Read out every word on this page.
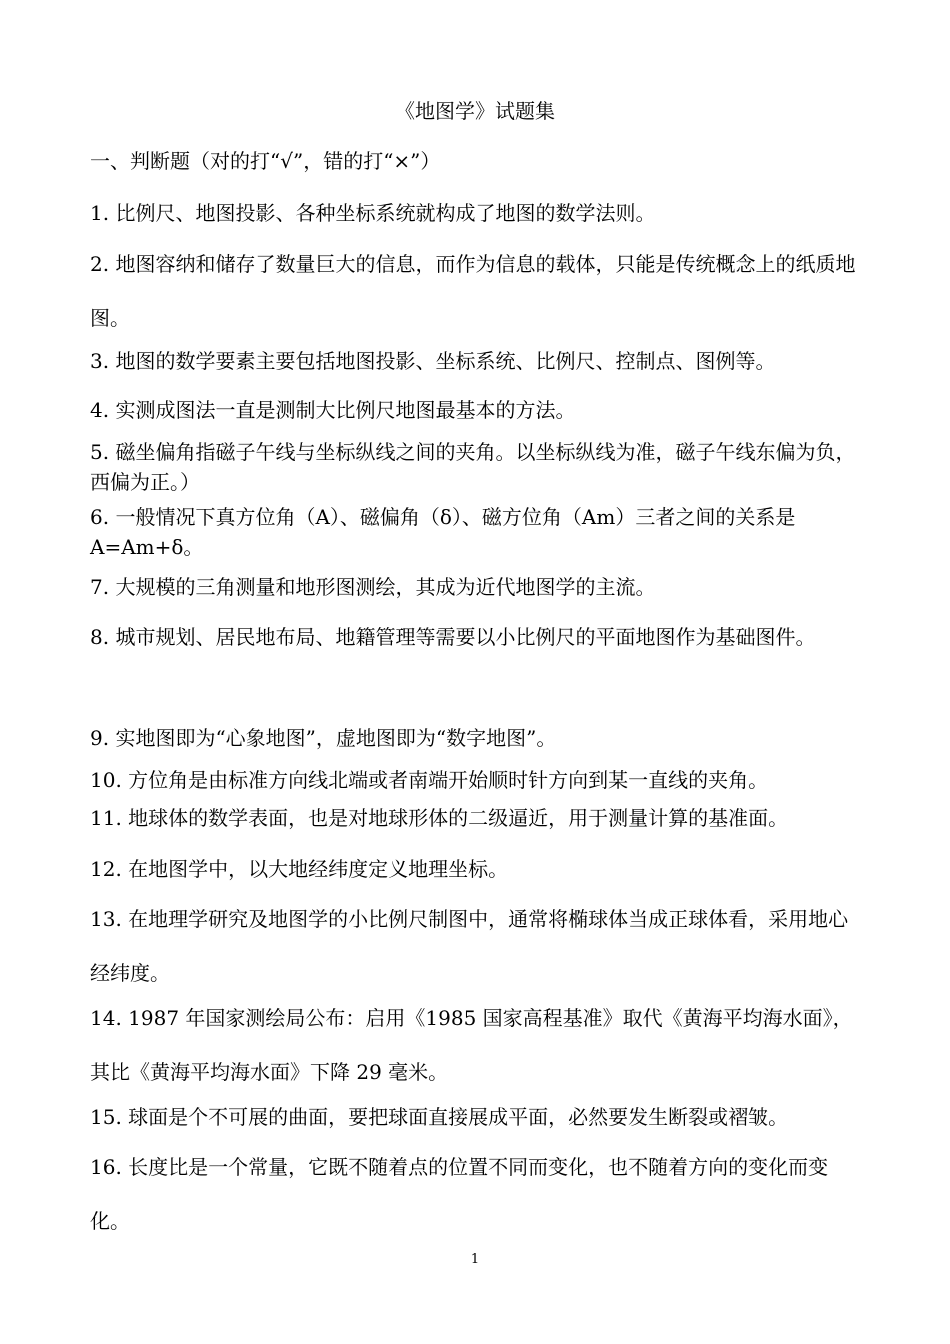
《地图学》试题集
一、判断题（对的打“√”，错的打“×”）
1. 比例尺、地图投影、各种坐标系统就构成了地图的数学法则。
2. 地图容纳和储存了数量巨大的信息，而作为信息的载体，只能是传统概念上的纸质地图。
3. 地图的数学要素主要包括地图投影、坐标系统、比例尺、控制点、图例等。
4. 实测成图法一直是测制大比例尺地图最基本的方法。
5. 磁坐偏角指磁子午线与坐标纵线之间的夹角。以坐标纵线为准，磁子午线东偏为负，西偏为正。）
6. 一般情况下真方位角（A）、磁偏角（δ）、磁方位角（Am）三者之间的关系是 A=Am+δ。
7. 大规模的三角测量和地形图测绘，其成为近代地图学的主流。
8. 城市规划、居民地布局、地籍管理等需要以小比例尺的平面地图作为基础图件。
9. 实地图即为“心象地图”，虚地图即为“数字地图”。
10. 方位角是由标准方向线北端或者南端开始顺时针方向到某一直线的夹角。
11. 地球体的数学表面，也是对地球形体的二级逼近，用于测量计算的基准面。
12. 在地图学中，以大地经纬度定义地理坐标。
13. 在地理学研究及地图学的小比例尺制图中，通常将椭球体当成正球体看，采用地心经纬度。
14. 1987 年国家测绘局公布：启用《1985 国家高程基准》取代《黄海平均海水面》，其比《黄海平均海水面》下降 29 毫米。
15. 球面是个不可展的曲面，要把球面直接展成平面，必然要发生断裂或褶皱。
16. 长度比是一个常量，它既不随着点的位置不同而变化，也不随着方向的变化而变化。
1
